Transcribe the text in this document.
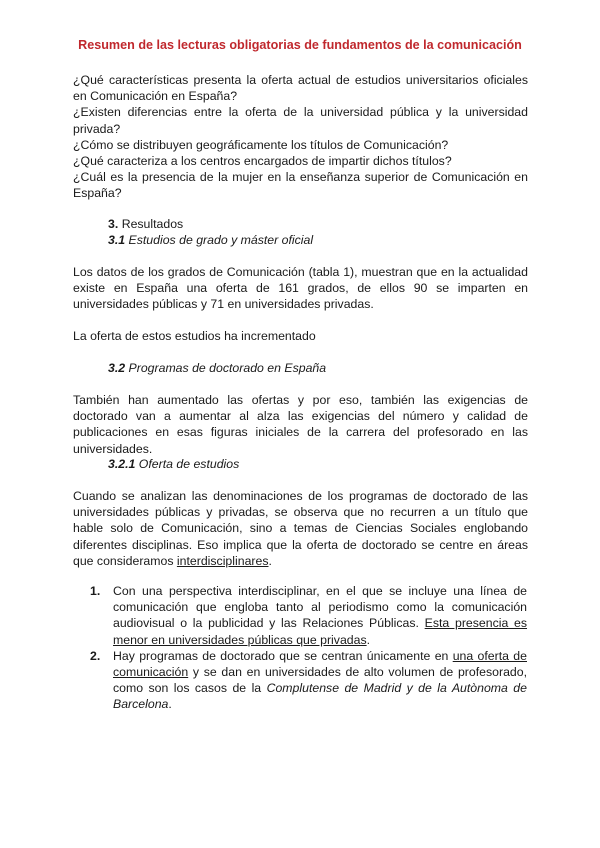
Resumen de las lecturas obligatorias de fundamentos de la comunicación

¿Qué características presenta la oferta actual de estudios universitarios oficiales en Comunicación en España?

¿Existen diferencias entre la oferta de la universidad pública y la universidad privada?

¿Cómo se distribuyen geográficamente los títulos de Comunicación?

¿Qué caracteriza a los centros encargados de impartir dichos títulos?

¿Cuál es la presencia de la mujer en la enseñanza superior de Comunicación en España?

3. Resultados

3.1 Estudios de grado y máster oficial

Los datos de los grados de Comunicación (tabla 1), muestran que en la actualidad existe en España una oferta de 161 grados, de ellos 90 se imparten en universidades públicas y 71 en universidades privadas.

La oferta de estos estudios ha incrementado

3.2 Programas de doctorado en España

También han aumentado las ofertas y por eso, también las exigencias de doctorado van a aumentar al alza las exigencias del número y calidad de publicaciones en esas figuras iniciales de la carrera del profesorado en las universidades.

3.2.1 Oferta de estudios

Cuando se analizan las denominaciones de los programas de doctorado de las universidades públicas y privadas, se observa que no recurren a un título que hable solo de Comunicación, sino a temas de Ciencias Sociales englobando diferentes disciplinas. Eso implica que la oferta de doctorado se centre en áreas que consideramos interdisciplinares.

1. Con una perspectiva interdisciplinar, en el que se incluye una línea de comunicación que engloba tanto al periodismo como la comunicación audiovisual o la publicidad y las Relaciones Públicas. Esta presencia es menor en universidades públicas que privadas.
2. Hay programas de doctorado que se centran únicamente en una oferta de comunicación y se dan en universidades de alto volumen de profesorado, como son los casos de la Complutense de Madrid y de la Autònoma de Barcelona.
